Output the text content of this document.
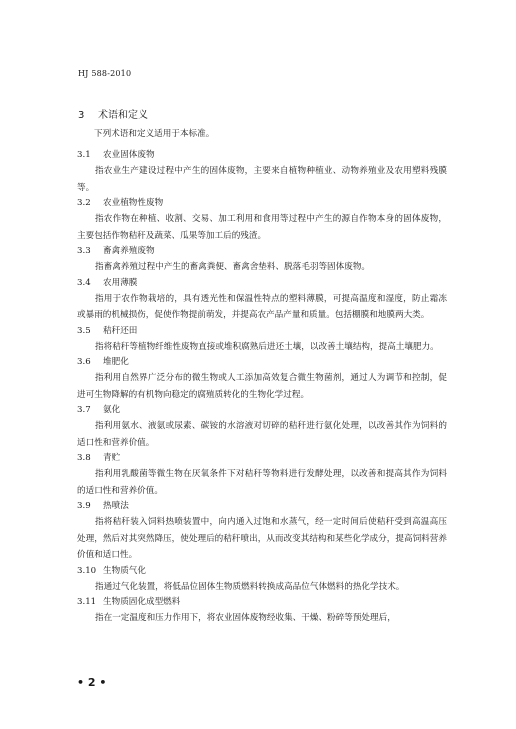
HJ 588-2010
3 术语和定义
下列术语和定义适用于本标准。
3.1 农业固体废物

指农业生产建设过程中产生的固体废物，主要来自植物种植业、动物养殖业及农用塑料残膜等。

3.2 农业植物性废物

指农作物在种植、收割、交易、加工利用和食用等过程中产生的源自作物本身的固体废物，主要包括作物秸秆及蔬菜、瓜果等加工后的残渣。

3.3 畜禽养殖废物

指畜禽养殖过程中产生的畜禽粪便、畜禽舍垫料、脱落毛羽等固体废物。

3.4 农用薄膜

指用于农作物栽培的，具有透光性和保温性特点的塑料薄膜，可提高温度和湿度，防止霜冻或暴雨的机械损伤，促使作物提前萌发，并提高农产品产量和质量。包括棚膜和地膜两大类。

3.5 秸秆还田

指将秸秆等植物纤维性废物直接或堆积腐熟后进还土壤，以改善土壤结构，提高土壤肥力。

3.6 堆肥化

指利用自然界广泛分布的微生物或人工添加高效复合微生物菌剂，通过人为调节和控制，促进可生物降解的有机物向稳定的腐殖质转化的生物化学过程。

3.7 氨化

指利用氨水、液氨或尿素、碳铵的水溶液对切碎的秸秆进行氨化处理，以改善其作为饲料的适口性和营养价值。

3.8 青贮

指利用乳酸菌等微生物在厌氧条件下对秸秆等物料进行发酵处理，以改善和提高其作为饲料的适口性和营养价值。

3.9 热喷法

指将秸秆装入饲料热喷装置中，向内通入过饱和水蒸气，经一定时间后使秸秆受到高温高压处理，然后对其突然降压，使处理后的秸秆喷出，从而改变其结构和某些化学成分，提高饲料营养价值和适口性。

3.10 生物质气化

指通过气化装置，将低品位固体生物质燃料转换成高品位气体燃料的热化学技术。

3.11 生物质固化成型燃料

指在一定温度和压力作用下，将农业固体废物经收集、干燥、粉碎等预处理后，

• 2 •
